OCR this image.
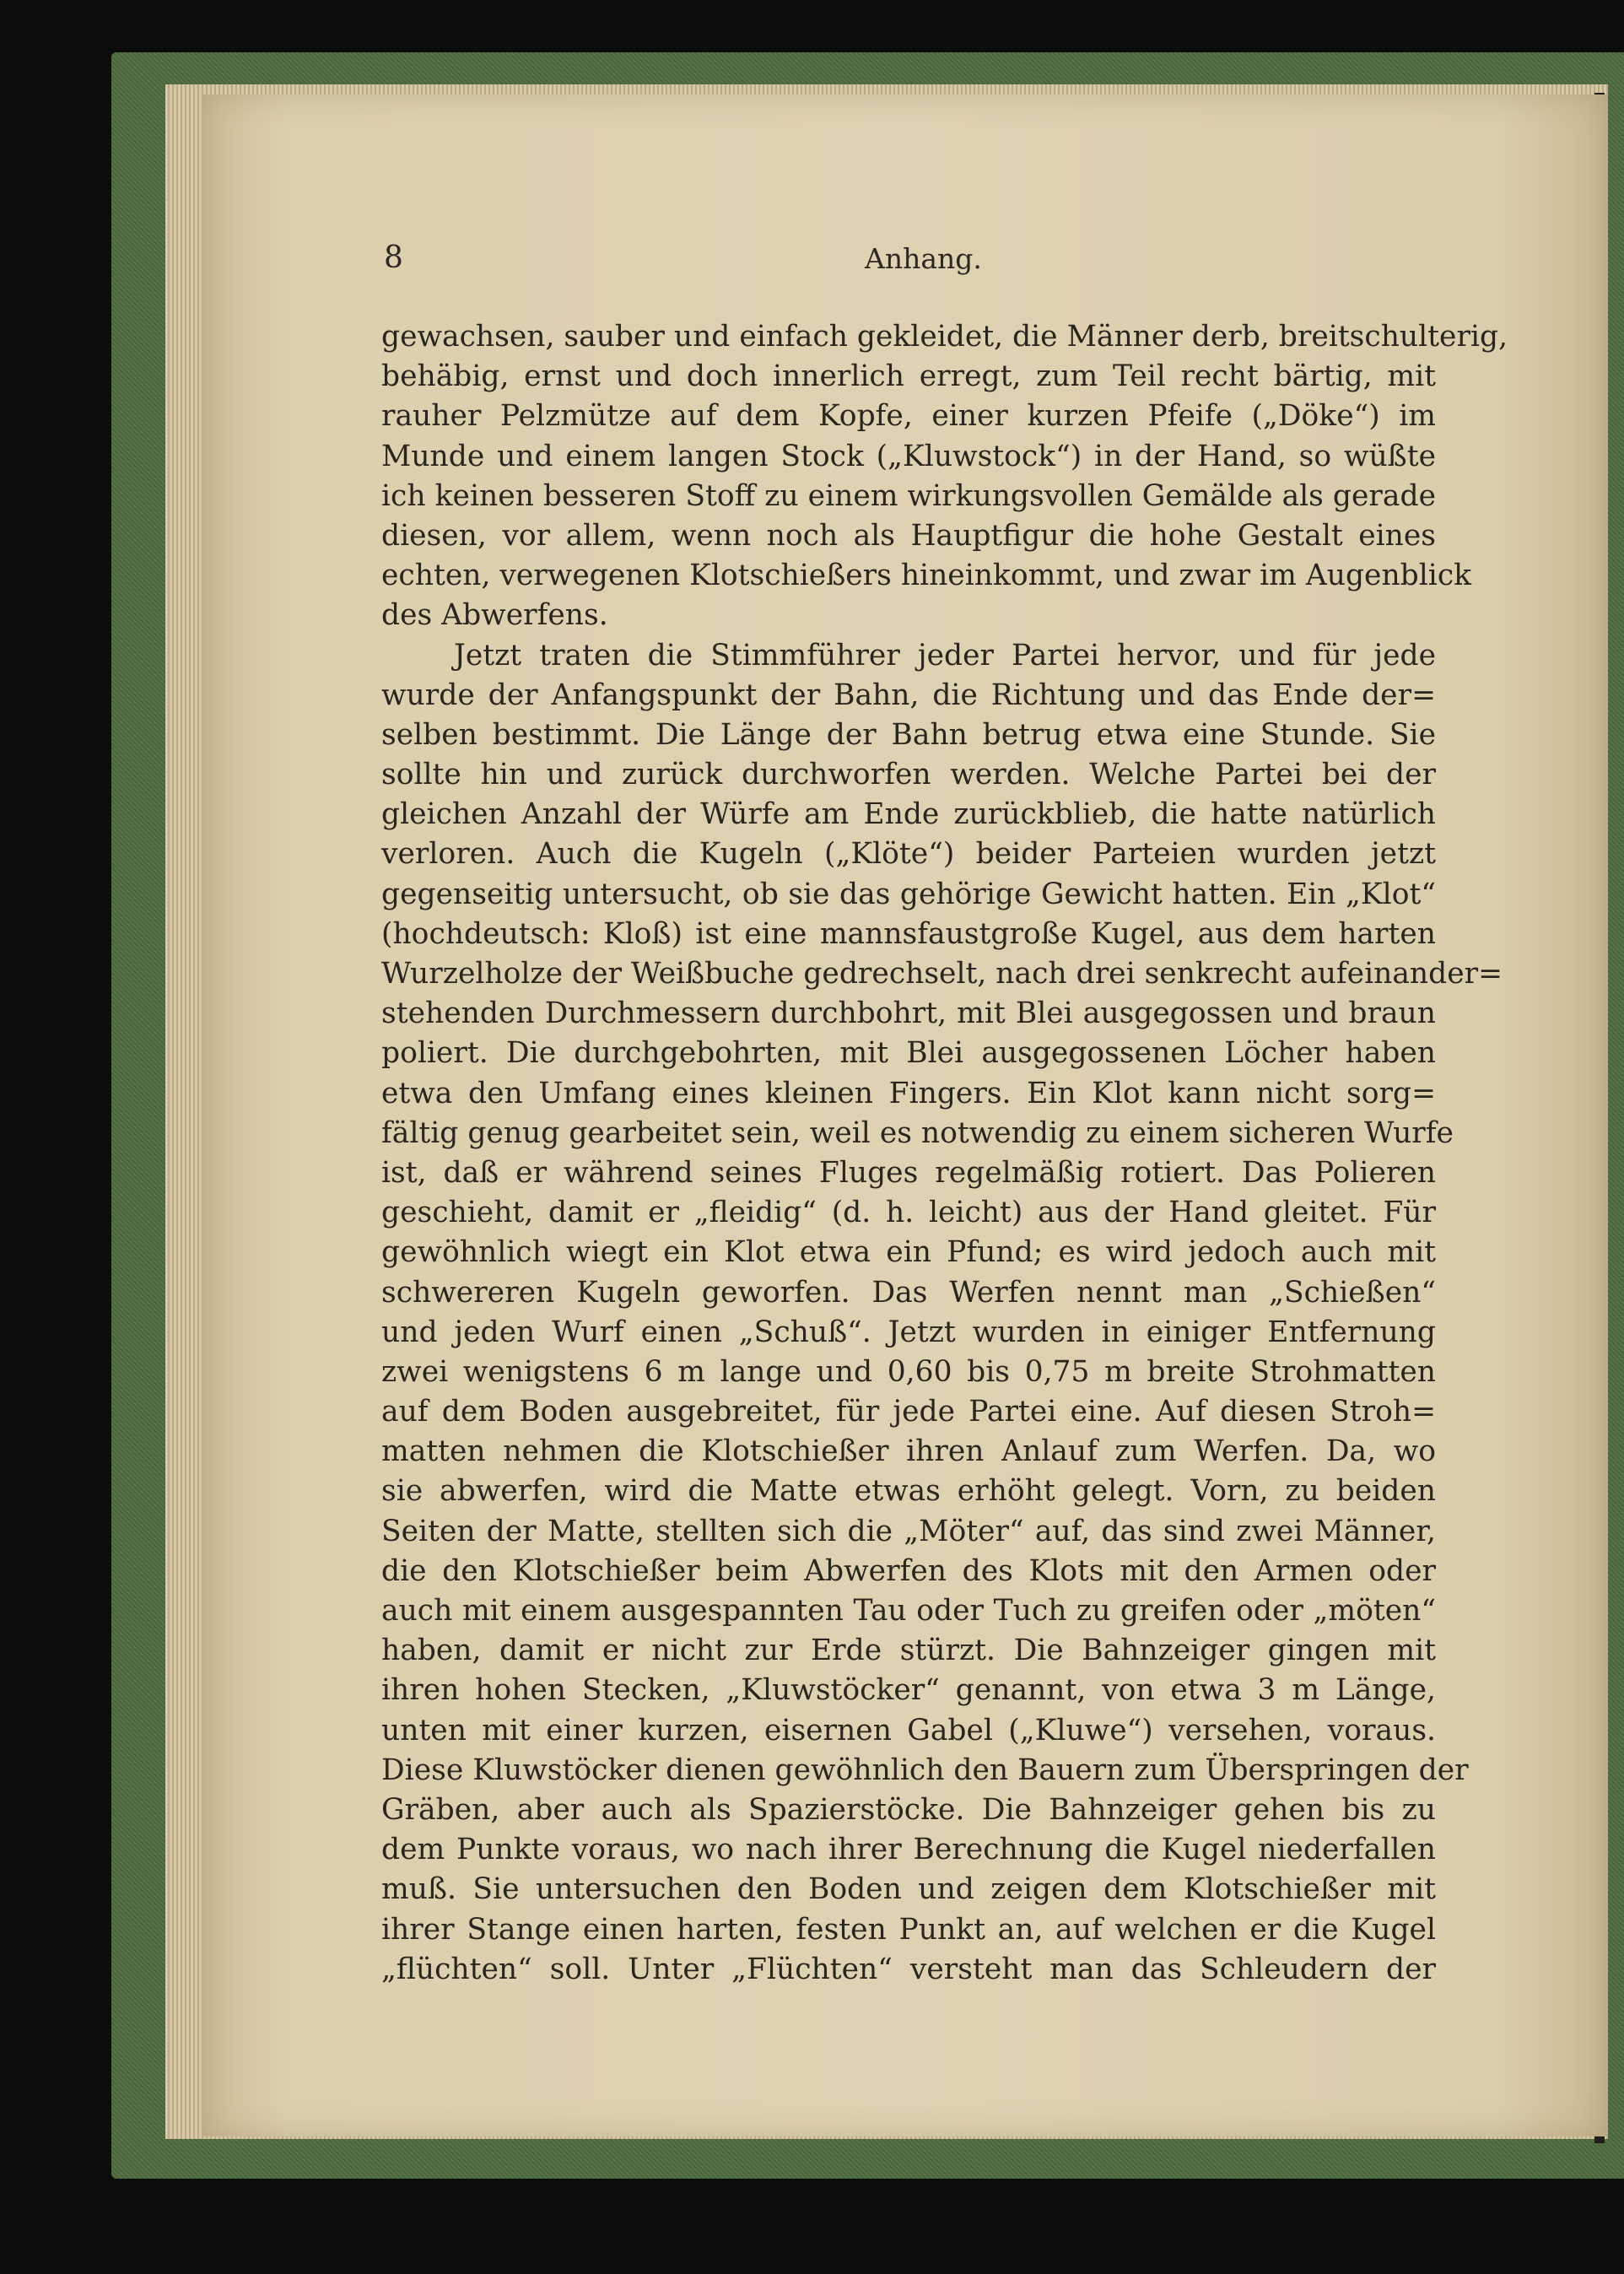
8	Anhang.
gewachsen, sauber und einfach gekleidet, die Männer derb, breitschulterig,
behäbig, ernst und doch innerlich erregt, zum Teil recht bärtig, mit
rauher Pelzmütze auf dem Kopfe, einer kurzen Pfeife („Döke“) im
Munde und einem langen Stock („Kluwstock“) in der Hand, so wüßte
ich keinen besseren Stoff zu einem wirkungsvollen Gemälde als gerade
diesen, vor allem, wenn noch als Hauptfigur die hohe Gestalt eines
echten, verwegenen Klotschießers hineinkommt, und zwar im Augenblick
des Abwerfens.
Jetzt traten die Stimmführer jeder Partei hervor, und für jede
wurde der Anfangspunkt der Bahn, die Richtung und das Ende der=
selben bestimmt. Die Länge der Bahn betrug etwa eine Stunde. Sie
sollte hin und zurück durchworfen werden. Welche Partei bei der
gleichen Anzahl der Würfe am Ende zurückblieb, die hatte natürlich
verloren. Auch die Kugeln („Klöte“) beider Parteien wurden jetzt
gegenseitig untersucht, ob sie das gehörige Gewicht hatten. Ein „Klot“
(hochdeutsch: Kloß) ist eine mannsfaustgroße Kugel, aus dem harten
Wurzelholze der Weißbuche gedrechselt, nach drei senkrecht aufeinander=
stehenden Durchmessern durchbohrt, mit Blei ausgegossen und braun
poliert. Die durchgebohrten, mit Blei ausgegossenen Löcher haben
etwa den Umfang eines kleinen Fingers. Ein Klot kann nicht sorg=
fältig genug gearbeitet sein, weil es notwendig zu einem sicheren Wurfe
ist, daß er während seines Fluges regelmäßig rotiert. Das Polieren
geschieht, damit er „fleidig“ (d. h. leicht) aus der Hand gleitet. Für
gewöhnlich wiegt ein Klot etwa ein Pfund; es wird jedoch auch mit
schwereren Kugeln geworfen. Das Werfen nennt man „Schießen“
und jeden Wurf einen „Schuß“. Jetzt wurden in einiger Entfernung
zwei wenigstens 6 m lange und 0,60 bis 0,75 m breite Strohmatten
auf dem Boden ausgebreitet, für jede Partei eine. Auf diesen Stroh=
matten nehmen die Klotschießer ihren Anlauf zum Werfen. Da, wo
sie abwerfen, wird die Matte etwas erhöht gelegt. Vorn, zu beiden
Seiten der Matte, stellten sich die „Möter“ auf, das sind zwei Männer,
die den Klotschießer beim Abwerfen des Klots mit den Armen oder
auch mit einem ausgespannten Tau oder Tuch zu greifen oder „möten“
haben, damit er nicht zur Erde stürzt. Die Bahnzeiger gingen mit
ihren hohen Stecken, „Kluwstöcker“ genannt, von etwa 3 m Länge,
unten mit einer kurzen, eisernen Gabel („Kluwe“) versehen, voraus.
Diese Kluwstöcker dienen gewöhnlich den Bauern zum Überspringen der
Gräben, aber auch als Spazierstöcke. Die Bahnzeiger gehen bis zu
dem Punkte voraus, wo nach ihrer Berechnung die Kugel niederfallen
muß. Sie untersuchen den Boden und zeigen dem Klotschießer mit
ihrer Stange einen harten, festen Punkt an, auf welchen er die Kugel
„flüchten“ soll. Unter „Flüchten“ versteht man das Schleudern der
